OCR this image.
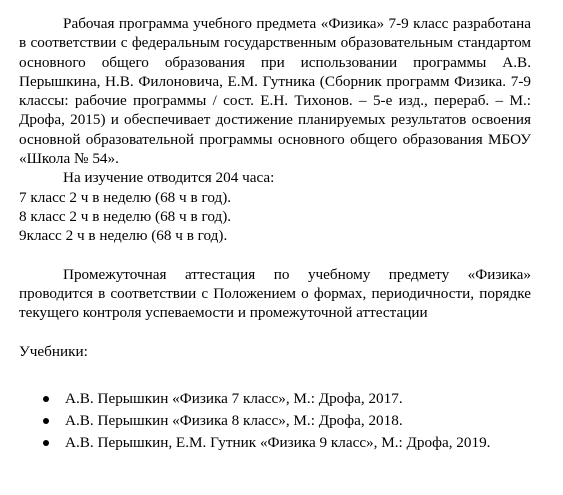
Рабочая программа учебного предмета «Физика» 7-9 класс разработана в соответствии с федеральным государственным образовательным стандартом основного общего образования при использовании программы А.В. Перышкина, Н.В. Филоновича, Е.М. Гутника (Сборник программ Физика. 7-9 классы: рабочие программы / сост. Е.Н. Тихонов. – 5-е изд., перераб. – М.: Дрофа, 2015) и обеспечивает достижение планируемых результатов освоения основной образовательной программы основного общего образования МБОУ «Школа № 54».

На изучение отводится 204 часа:

7 класс 2 ч в неделю (68 ч в год).

8 класс 2 ч в неделю (68 ч в год).

9класс 2 ч в неделю (68 ч в год).

Промежуточная аттестация по учебному предмету «Физика» проводится в соответствии с Положением о формах, периодичности, порядке текущего контроля успеваемости и промежуточной аттестации

Учебники:

А.В. Перышкин «Физика 7 класс», М.: Дрофа, 2017.
А.В. Перышкин «Физика 8 класс», М.: Дрофа, 2018.
А.В. Перышкин, Е.М. Гутник «Физика 9 класс», М.: Дрофа, 2019.
